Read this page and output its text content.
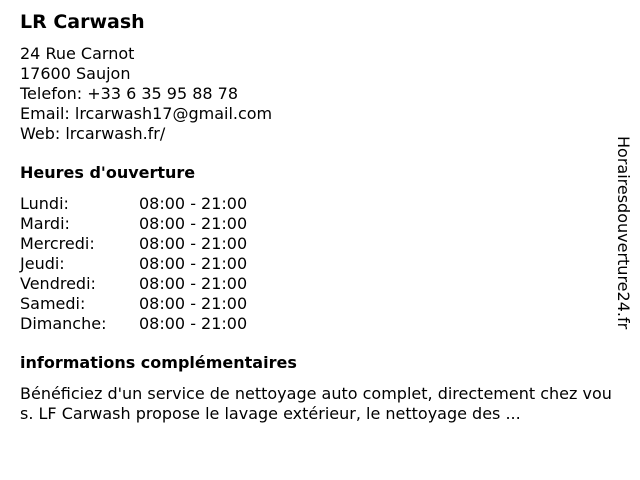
LR Carwash
24 Rue Carnot
17600 Saujon
Telefon: +33 6 35 95 88 78
Email: lrcarwash17@gmail.com
Web: lrcarwash.fr/
Heures d'ouverture
Lundi:	08:00 - 21:00
Mardi:	08:00 - 21:00
Mercredi:	08:00 - 21:00
Jeudi:	08:00 - 21:00
Vendredi:	08:00 - 21:00
Samedi:	08:00 - 21:00
Dimanche:	08:00 - 21:00
informations complémentaires
Bénéficiez d'un service de nettoyage auto complet, directement chez vous. LF Carwash propose le lavage extérieur, le nettoyage des ...
Horairesdouverture24.fr
